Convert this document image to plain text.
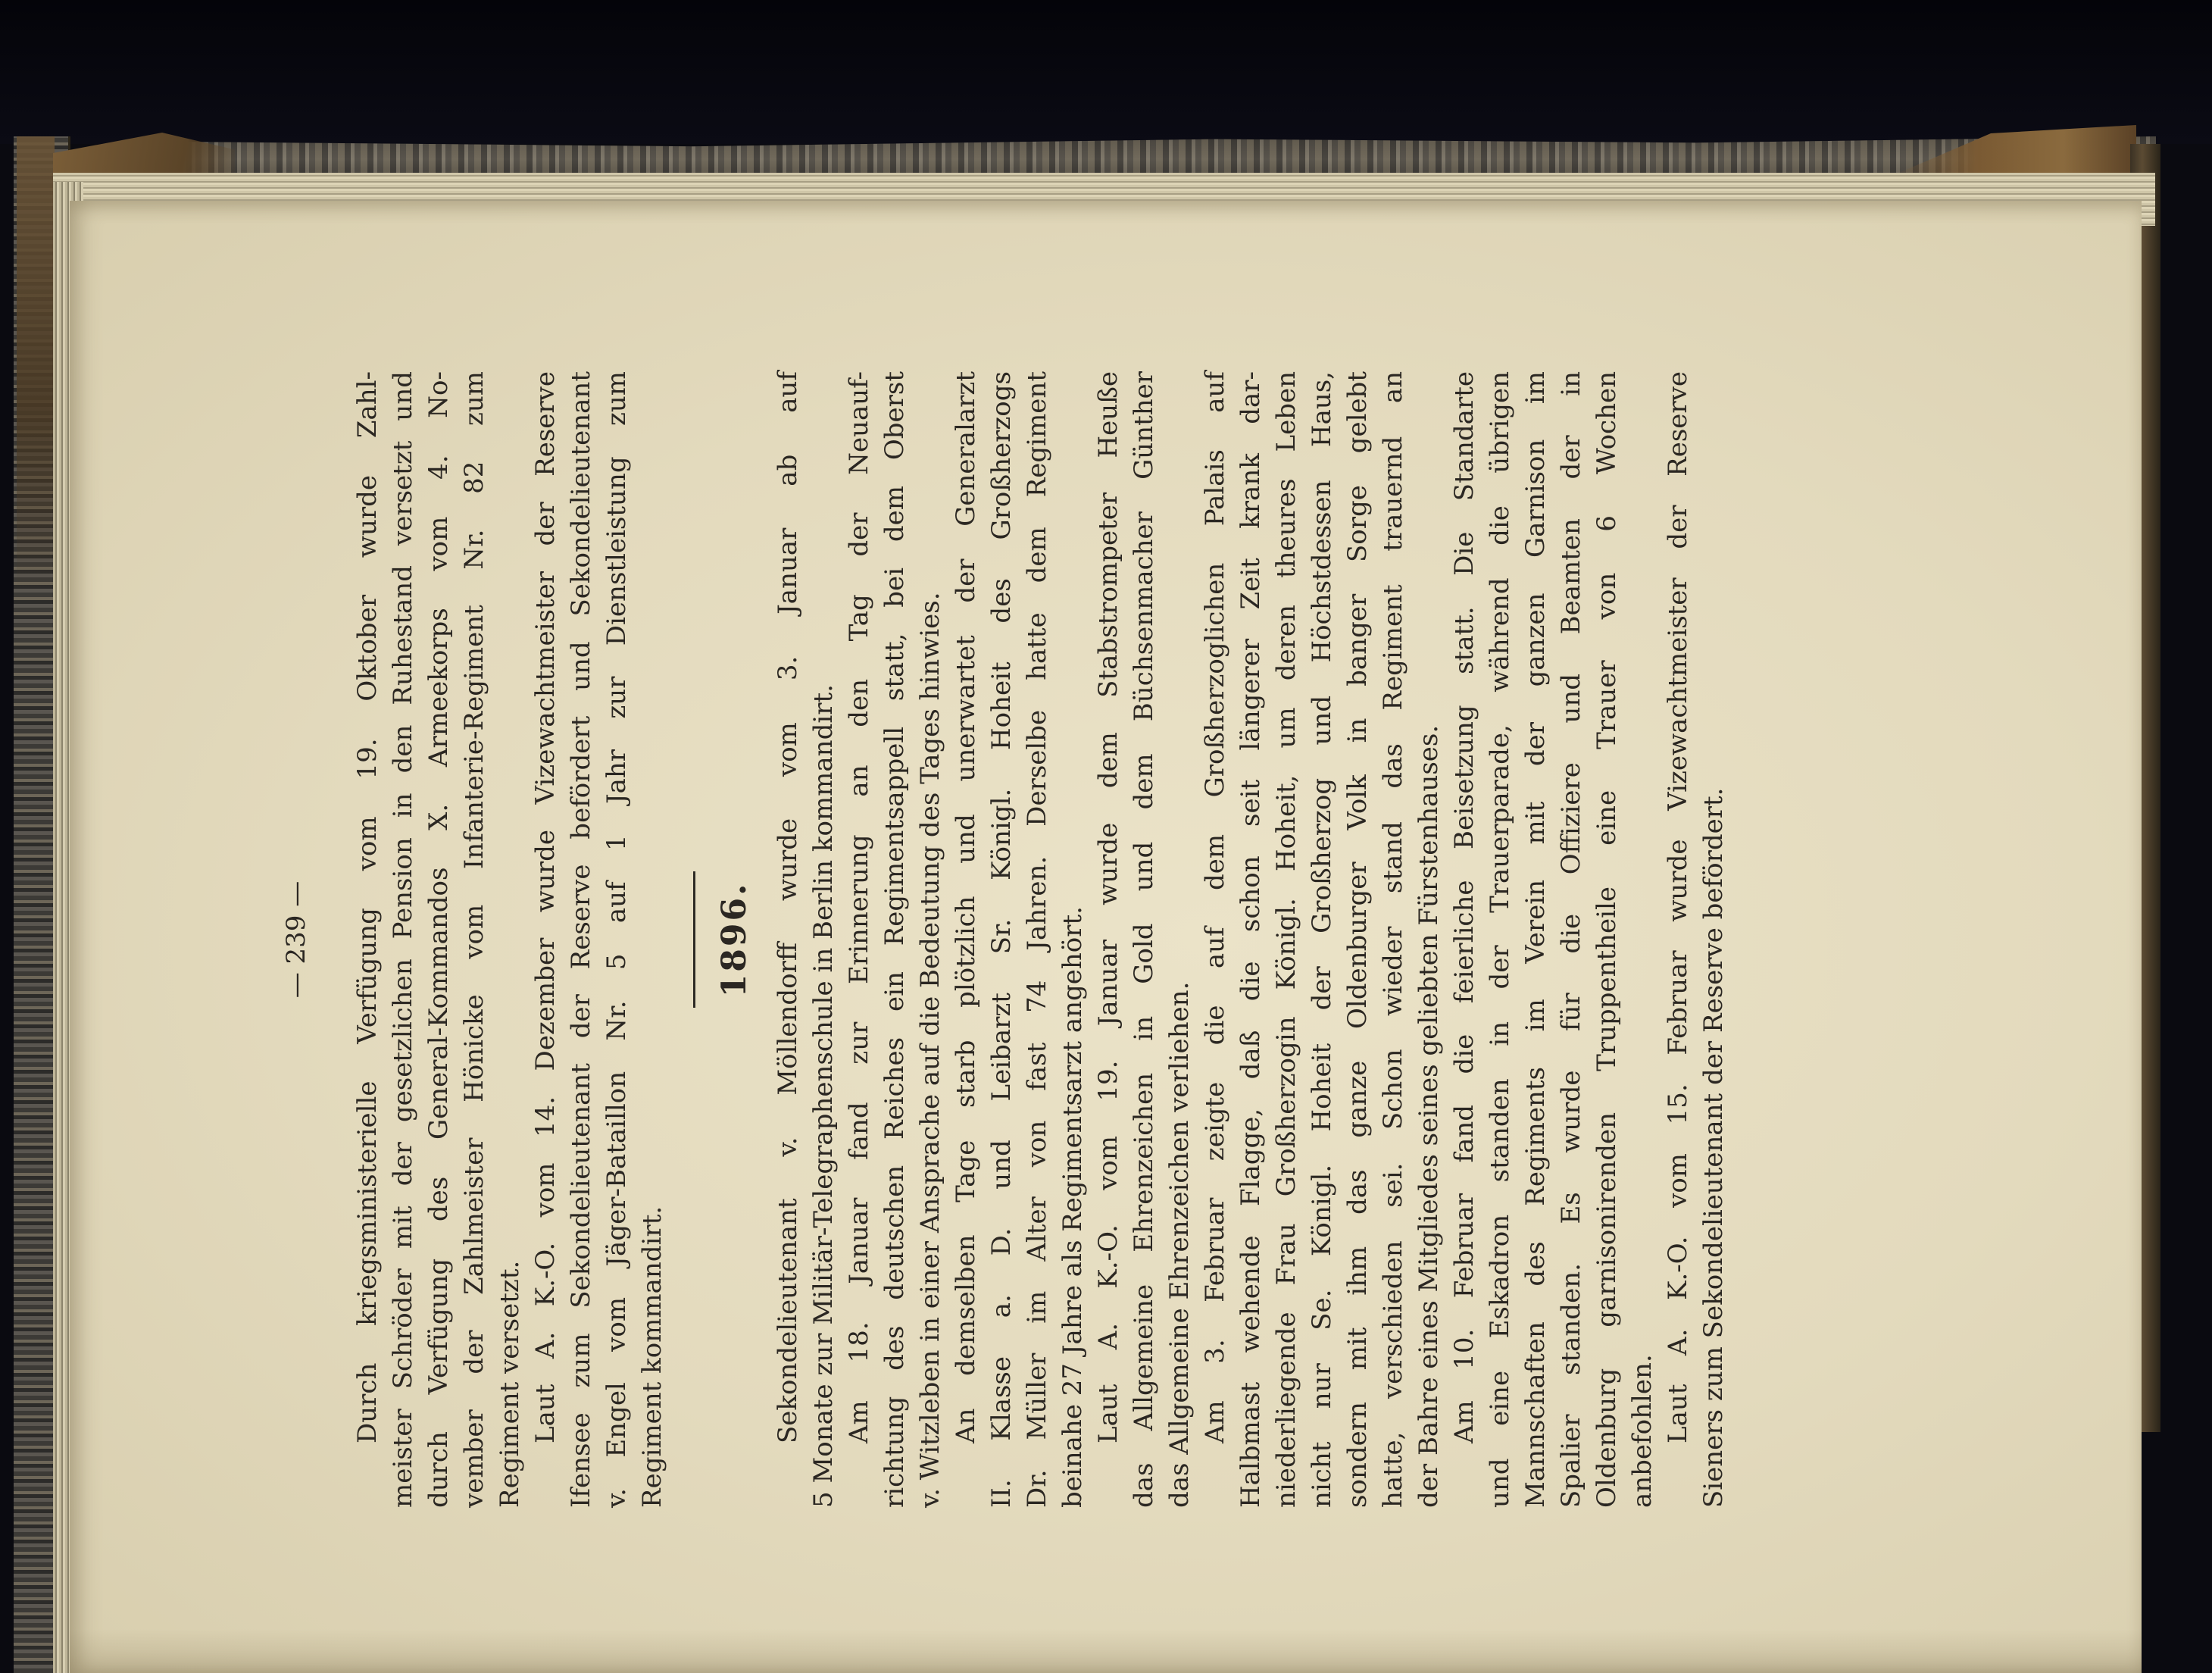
— 239 — Durch kriegsministerielle Verfügung vom 19. Oktober wurde Zahl- meister Schröder mit der gesetzlichen Pension in den Ruhestand versetzt und durch Verfügung des General-Kommandos X. Armeekorps vom 4. No- vember der Zahlmeister Hönicke vom Infanterie-Regiment Nr. 82 zum Regiment versetzt. Laut A. K.-O. vom 14. Dezember wurde Vizewachtmeister der Reserve Ifensee zum Sekondelieutenant der Reserve befördert und Sekondelieutenant v. Engel vom Jäger-Bataillon Nr. 5 auf 1 Jahr zur Dienstleistung zum Regiment kommandirt.
1896. Sekondelieutenant v. Möllendorff wurde vom 3. Januar ab auf 5 Monate zur Militär-Telegraphenschule in Berlin kommandirt. Am 18. Januar fand zur Erinnerung an den Tag der Neuauf- richtung des deutschen Reiches ein Regimentsappell statt, bei dem Oberst v. Witzleben in einer Ansprache auf die Bedeutung des Tages hinwies. An demselben Tage starb plötzlich und unerwartet der Generalarzt II. Klasse a. D. und Leibarzt Sr. Königl. Hoheit des Großherzogs Dr. Müller im Alter von fast 74 Jahren. Derselbe hatte dem Regiment beinahe 27 Jahre als Regimentsarzt angehört. Laut A. K.-O. vom 19. Januar wurde dem Stabstrompeter Heuße das Allgemeine Ehrenzeichen in Gold und dem Büchsenmacher Günther das Allgemeine Ehrenzeichen verliehen. Am 3. Februar zeigte die auf dem Großherzoglichen Palais auf Halbmast wehende Flagge, daß die schon seit längerer Zeit krank dar- niederliegende Frau Großherzogin Königl. Hoheit, um deren theures Leben nicht nur Se. Königl. Hoheit der Großherzog und Höchstdessen Haus, sondern mit ihm das ganze Oldenburger Volk in banger Sorge gelebt hatte, verschieden sei. Schon wieder stand das Regiment trauernd an der Bahre eines Mitgliedes seines geliebten Fürstenhauses. Am 10. Februar fand die feierliche Beisetzung statt. Die Standarte und eine Eskadron standen in der Trauerparade, während die übrigen Mannschaften des Regiments im Verein mit der ganzen Garnison im Spalier standen. Es wurde für die Offiziere und Beamten der in Oldenburg garnisonirenden Truppentheile eine Trauer von 6 Wochen anbefohlen. Laut A. K.-O. vom 15. Februar wurde Vizewachtmeister der Reserve Sieners zum Sekondelieutenant der Reserve befördert.
